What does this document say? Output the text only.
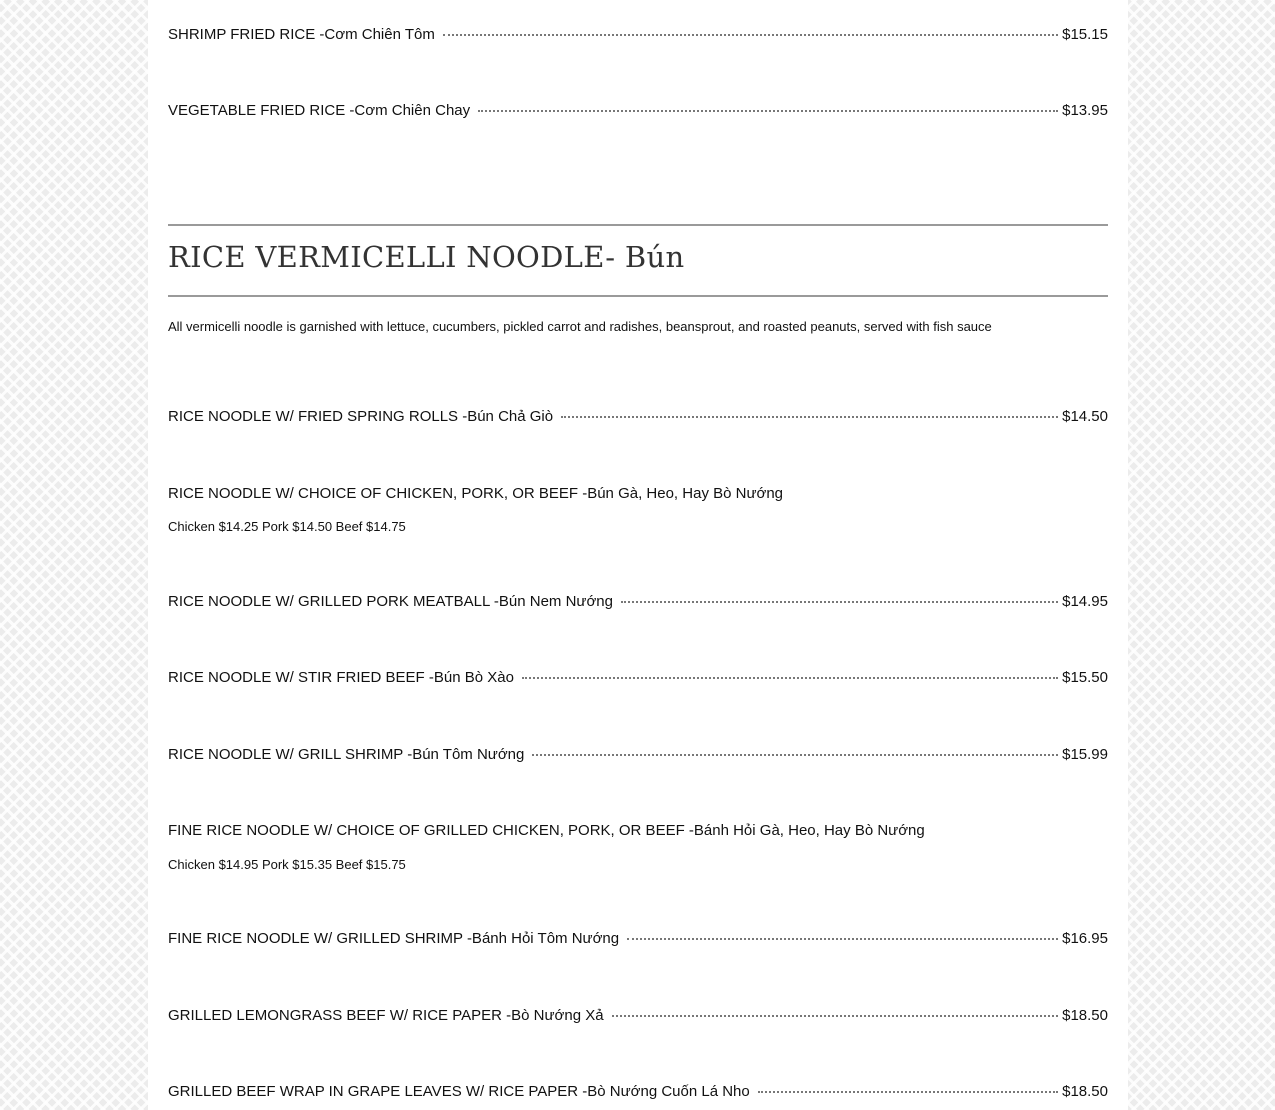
SHRIMP FRIED RICE -Cơm Chiên Tôm	$15.15
VEGETABLE FRIED RICE -Cơm Chiên Chay	$13.95
RICE VERMICELLI NOODLE- Bún
All vermicelli noodle is garnished with lettuce, cucumbers, pickled carrot and radishes, beansprout, and roasted peanuts, served with fish sauce
RICE NOODLE W/ FRIED SPRING ROLLS -Bún Chả Giò	$14.50
RICE NOODLE W/ CHOICE OF CHICKEN, PORK, OR BEEF -Bún Gà, Heo, Hay Bò Nướng
Chicken $14.25 Pork $14.50 Beef $14.75
RICE NOODLE W/ GRILLED PORK MEATBALL -Bún Nem Nướng	$14.95
RICE NOODLE W/ STIR FRIED BEEF -Bún Bò Xào	$15.50
RICE NOODLE W/ GRILL SHRIMP -Bún Tôm Nướng	$15.99
FINE RICE NOODLE W/ CHOICE OF GRILLED CHICKEN, PORK, OR BEEF -Bánh Hỏi Gà, Heo, Hay Bò Nướng
Chicken $14.95 Pork $15.35 Beef $15.75
FINE RICE NOODLE W/ GRILLED SHRIMP -Bánh Hỏi Tôm Nướng	$16.95
GRILLED LEMONGRASS BEEF W/ RICE PAPER -Bò Nướng Xả	$18.50
GRILLED BEEF WRAP IN GRAPE LEAVES W/ RICE PAPER -Bò Nướng Cuốn Lá Nho	$18.50
